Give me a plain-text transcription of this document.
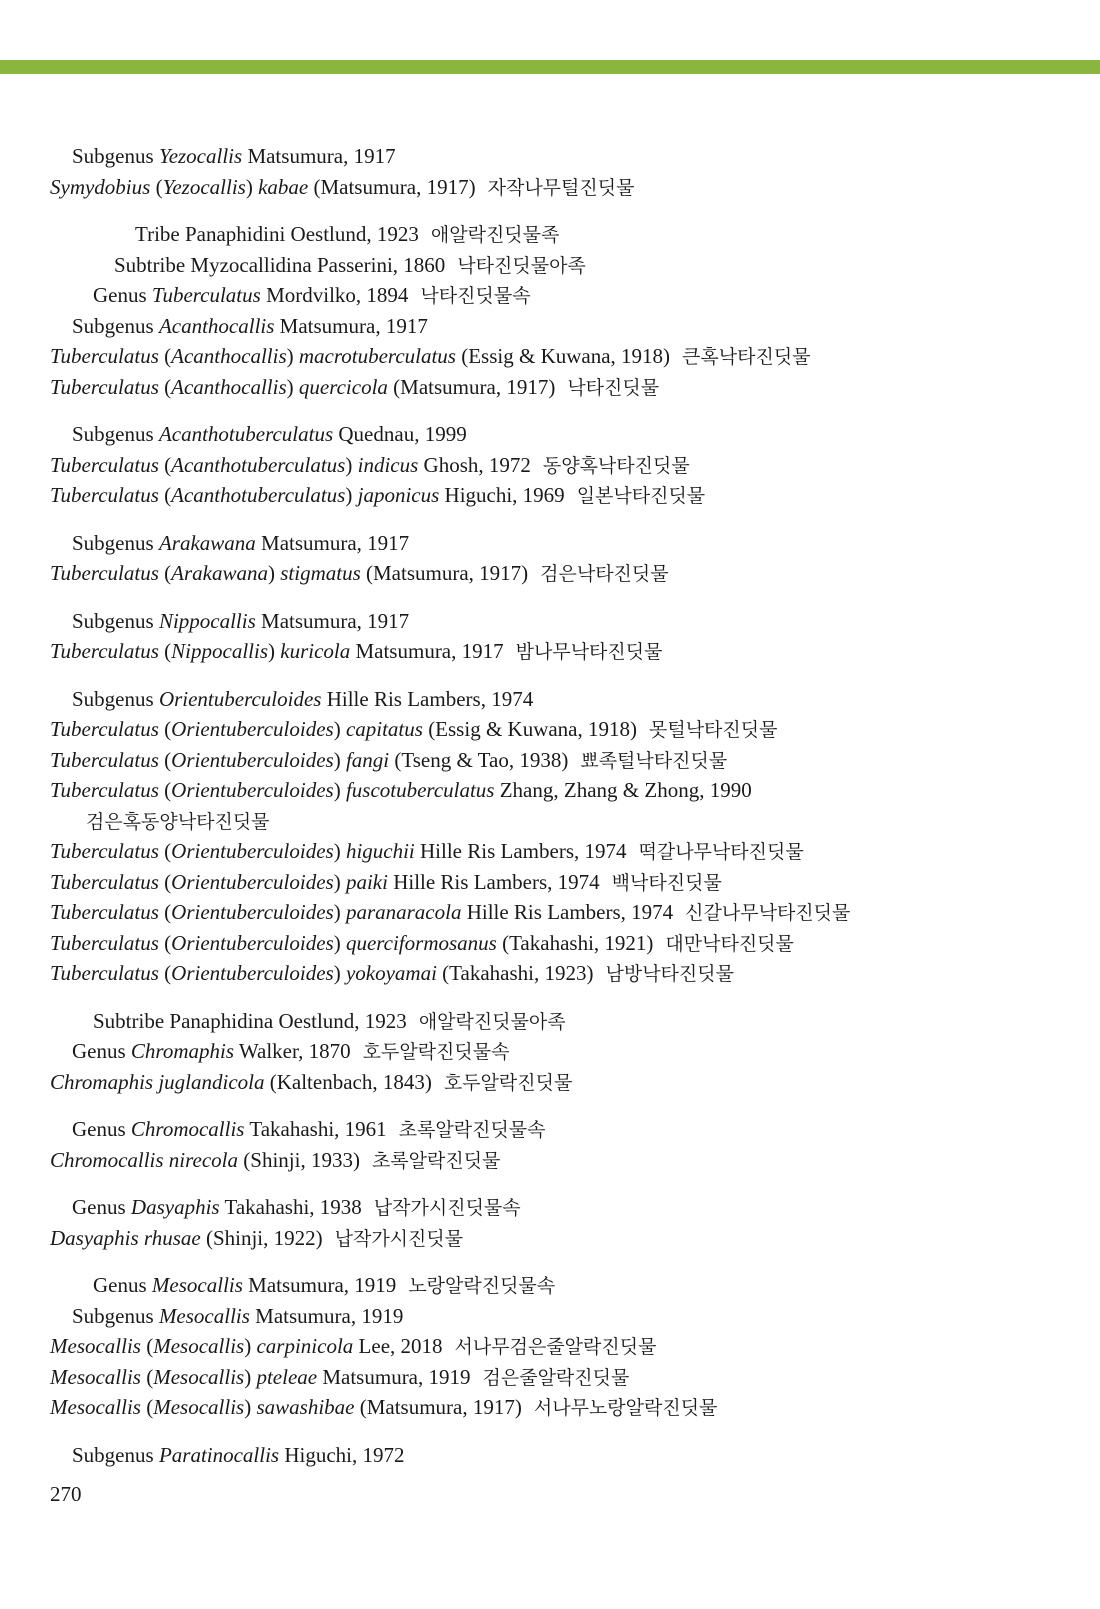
Subgenus Yezocallis Matsumura, 1917
Symydobius (Yezocallis) kabae (Matsumura, 1917) 자작나무털진딧물
Tribe Panaphidini Oestlund, 1923 애알락진딧물족
Subtribe Myzocallidina Passerini, 1860 낙타진딧물아족
Genus Tuberculatus Mordvilko, 1894 낙타진딧물속
Subgenus Acanthocallis Matsumura, 1917
Tuberculatus (Acanthocallis) macrotuberculatus (Essig & Kuwana, 1918) 큰혹낙타진딧물
Tuberculatus (Acanthocallis) quercicola (Matsumura, 1917) 낙타진딧물
Subgenus Acanthotuberculatus Quednau, 1999
Tuberculatus (Acanthotuberculatus) indicus Ghosh, 1972 동양혹낙타진딧물
Tuberculatus (Acanthotuberculatus) japonicus Higuchi, 1969 일본낙타진딧물
Subgenus Arakawana Matsumura, 1917
Tuberculatus (Arakawana) stigmatus (Matsumura, 1917) 검은낙타진딧물
Subgenus Nippocallis Matsumura, 1917
Tuberculatus (Nippocallis) kuricola Matsumura, 1917 밤나무낙타진딧물
Subgenus Orientuberculoides Hille Ris Lambers, 1974
Tuberculatus (Orientuberculoides) capitatus (Essig & Kuwana, 1918) 못털낙타진딧물
Tuberculatus (Orientuberculoides) fangi (Tseng & Tao, 1938) 뾰족털낙타진딧물
Tuberculatus (Orientuberculoides) fuscotuberculatus Zhang, Zhang & Zhong, 1990
검은혹동양낙타진딧물
Tuberculatus (Orientuberculoides) higuchii Hille Ris Lambers, 1974 떡갈나무낙타진딧물
Tuberculatus (Orientuberculoides) paiki Hille Ris Lambers, 1974 백낙타진딧물
Tuberculatus (Orientuberculoides) paranaracola Hille Ris Lambers, 1974 신갈나무낙타진딧물
Tuberculatus (Orientuberculoides) querciformosanus (Takahashi, 1921) 대만낙타진딧물
Tuberculatus (Orientuberculoides) yokoyamai (Takahashi, 1923) 남방낙타진딧물
Subtribe Panaphidina Oestlund, 1923 애알락진딧물아족
Genus Chromaphis Walker, 1870 호두알락진딧물속
Chromaphis juglandicola (Kaltenbach, 1843) 호두알락진딧물
Genus Chromocallis Takahashi, 1961 초록알락진딧물속
Chromocallis nirecola (Shinji, 1933) 초록알락진딧물
Genus Dasyaphis Takahashi, 1938 납작가시진딧물속
Dasyaphis rhusae (Shinji, 1922) 납작가시진딧물
Genus Mesocallis Matsumura, 1919 노랑알락진딧물속
Subgenus Mesocallis Matsumura, 1919
Mesocallis (Mesocallis) carpinicola Lee, 2018 서나무검은줄알락진딧물
Mesocallis (Mesocallis) pteleae Matsumura, 1919 검은줄알락진딧물
Mesocallis (Mesocallis) sawashibae (Matsumura, 1917) 서나무노랑알락진딧물
Subgenus Paratinocallis Higuchi, 1972
270
